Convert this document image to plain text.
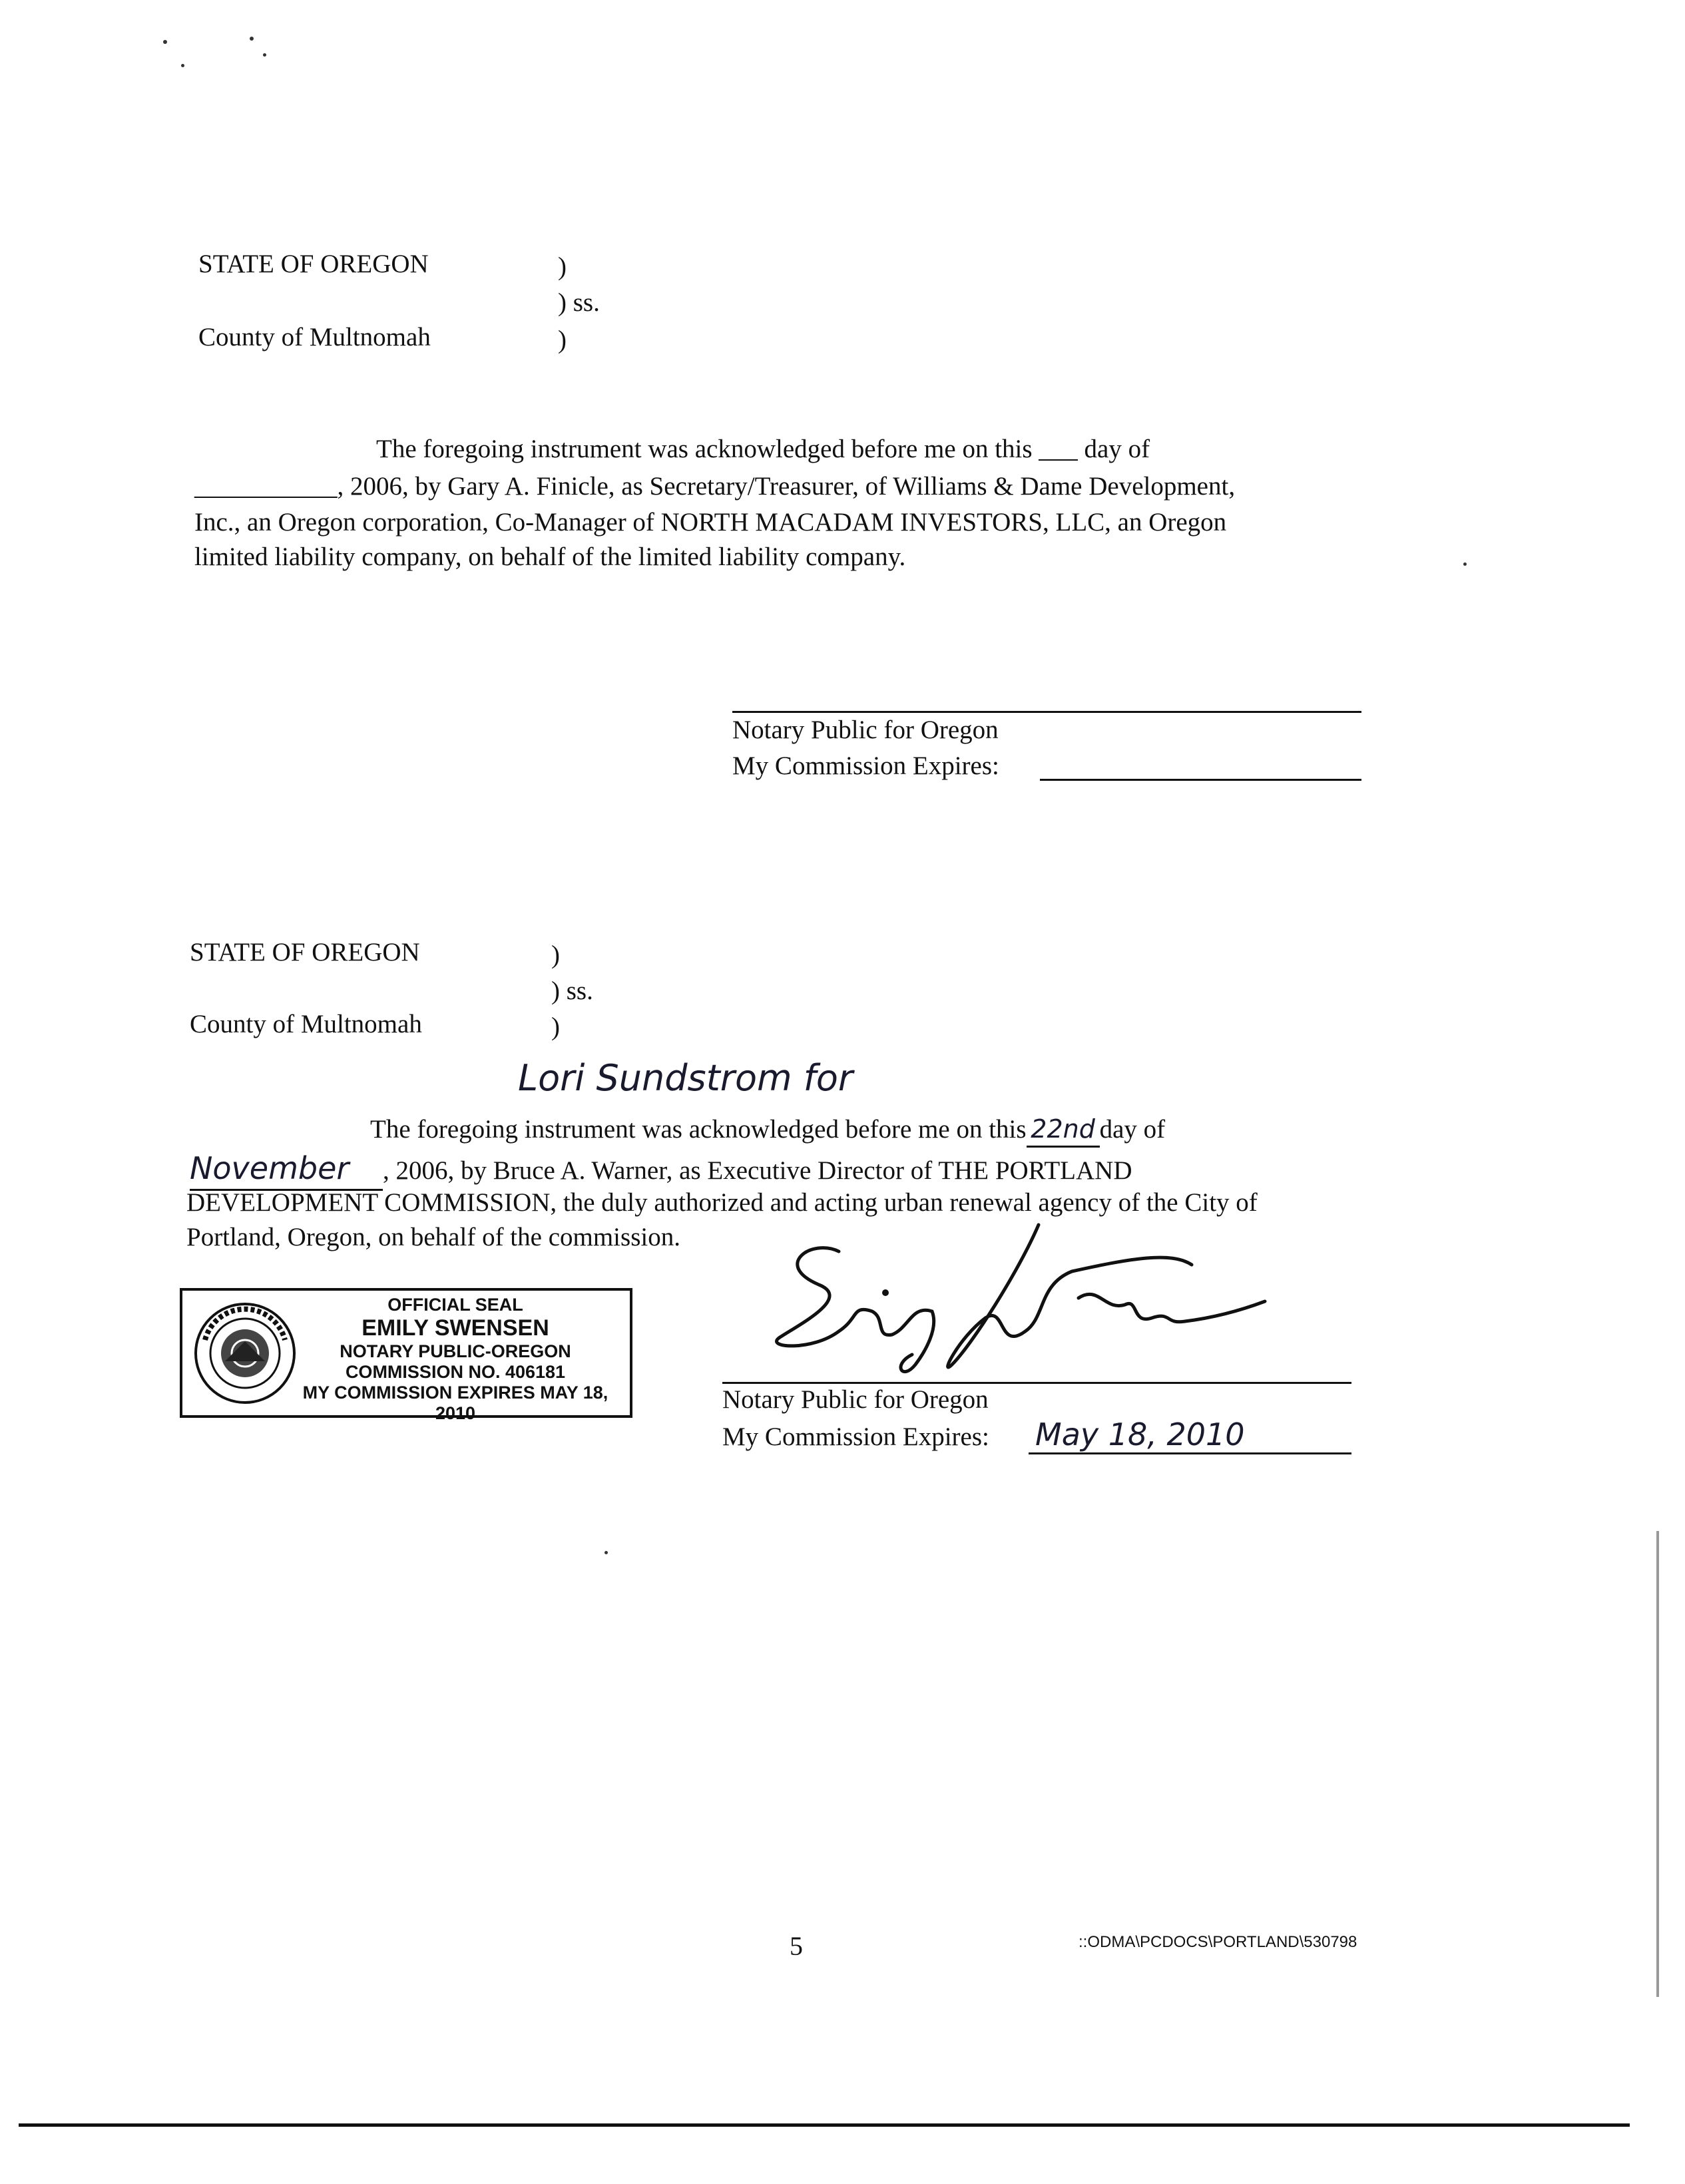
STATE OF OREGON	)
) ss.
County of Multnomah	)
The foregoing instrument was acknowledged before me on this ___ day of
___________, 2006, by Gary A. Finicle, as Secretary/Treasurer, of Williams & Dame Development,
Inc., an Oregon corporation, Co-Manager of NORTH MACADAM INVESTORS, LLC, an Oregon
limited liability company, on behalf of the limited liability company.
Notary Public for Oregon
My Commission Expires:
STATE OF OREGON	)
) ss.
County of Multnomah	)
Lori Sundstrom for
The foregoing instrument was acknowledged before me on this 22nd day of
November , 2006, by Bruce A. Warner, as Executive Director of THE PORTLAND
DEVELOPMENT COMMISSION, the duly authorized and acting urban renewal agency of the City of
Portland, Oregon, on behalf of the commission.
OFFICIAL SEAL
EMILY SWENSEN
NOTARY PUBLIC-OREGON
COMMISSION NO. 406181
MY COMMISSION EXPIRES MAY 18, 2010	Notary Public for Oregon
My Commission Expires: May 18, 2010
5	::ODMA\PCDOCS\PORTLAND\530798
